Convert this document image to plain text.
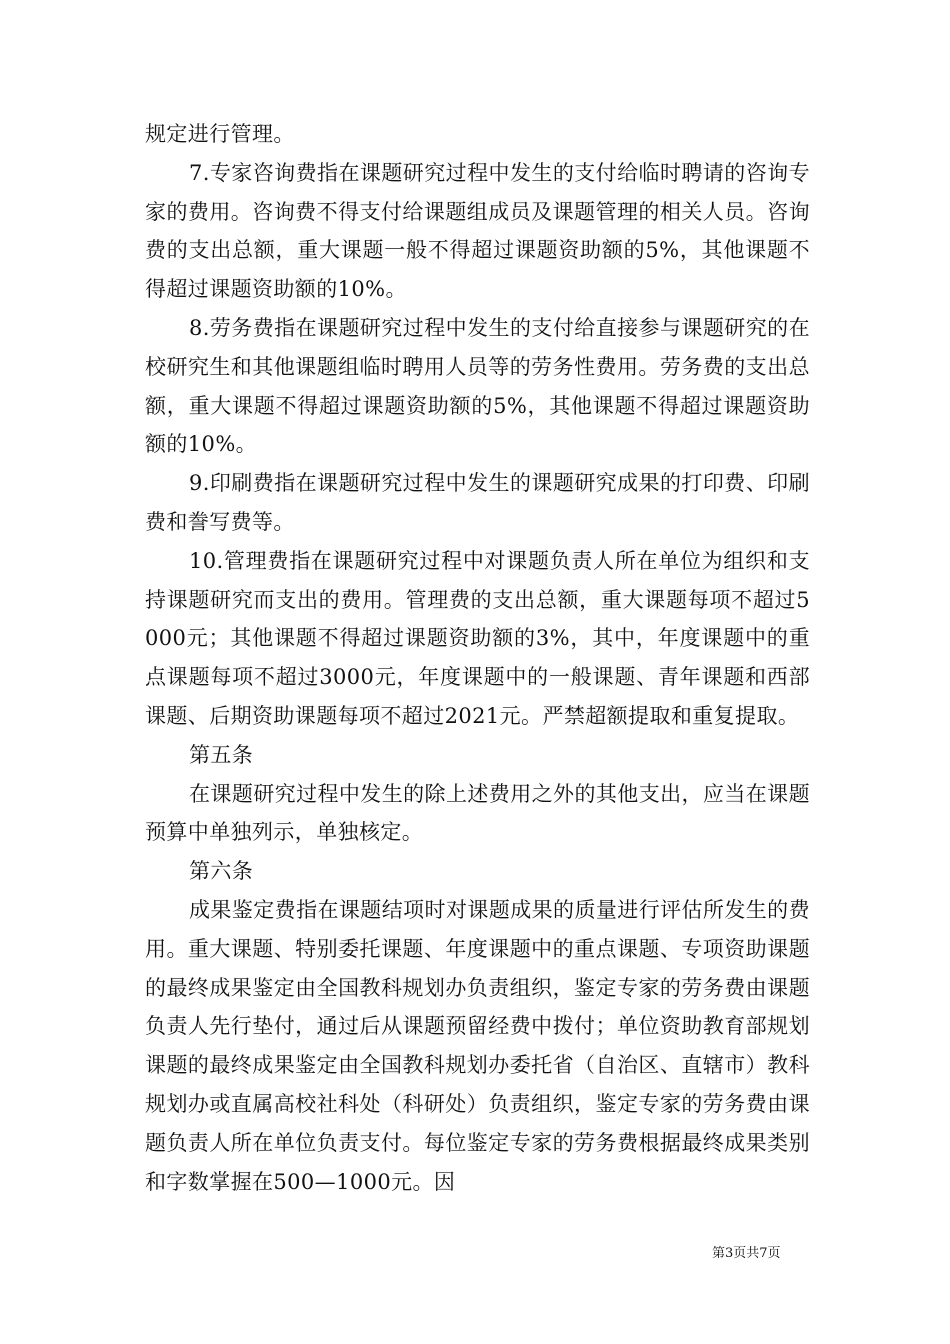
规定进行管理。

7.专家咨询费指在课题研究过程中发生的支付给临时聘请的咨询专家的费用。咨询费不得支付给课题组成员及课题管理的相关人员。咨询费的支出总额，重大课题一般不得超过课题资助额的5%，其他课题不得超过课题资助额的10%。

8.劳务费指在课题研究过程中发生的支付给直接参与课题研究的在校研究生和其他课题组临时聘用人员等的劳务性费用。劳务费的支出总额，重大课题不得超过课题资助额的5%，其他课题不得超过课题资助额的10%。

9.印刷费指在课题研究过程中发生的课题研究成果的打印费、印刷费和誊写费等。

10.管理费指在课题研究过程中对课题负责人所在单位为组织和支持课题研究而支出的费用。管理费的支出总额，重大课题每项不超过5000元；其他课题不得超过课题资助额的3%，其中，年度课题中的重点课题每项不超过3000元，年度课题中的一般课题、青年课题和西部课题、后期资助课题每项不超过2021元。严禁超额提取和重复提取。

第五条

在课题研究过程中发生的除上述费用之外的其他支出，应当在课题预算中单独列示，单独核定。

第六条

成果鉴定费指在课题结项时对课题成果的质量进行评估所发生的费用。重大课题、特别委托课题、年度课题中的重点课题、专项资助课题的最终成果鉴定由全国教科规划办负责组织，鉴定专家的劳务费由课题负责人先行垫付，通过后从课题预留经费中拨付；单位资助教育部规划课题的最终成果鉴定由全国教科规划办委托省（自治区、直辖市）教科规划办或直属高校社科处（科研处）负责组织，鉴定专家的劳务费由课题负责人所在单位负责支付。每位鉴定专家的劳务费根据最终成果类别和字数掌握在500—1000元。因

第3页共7页
